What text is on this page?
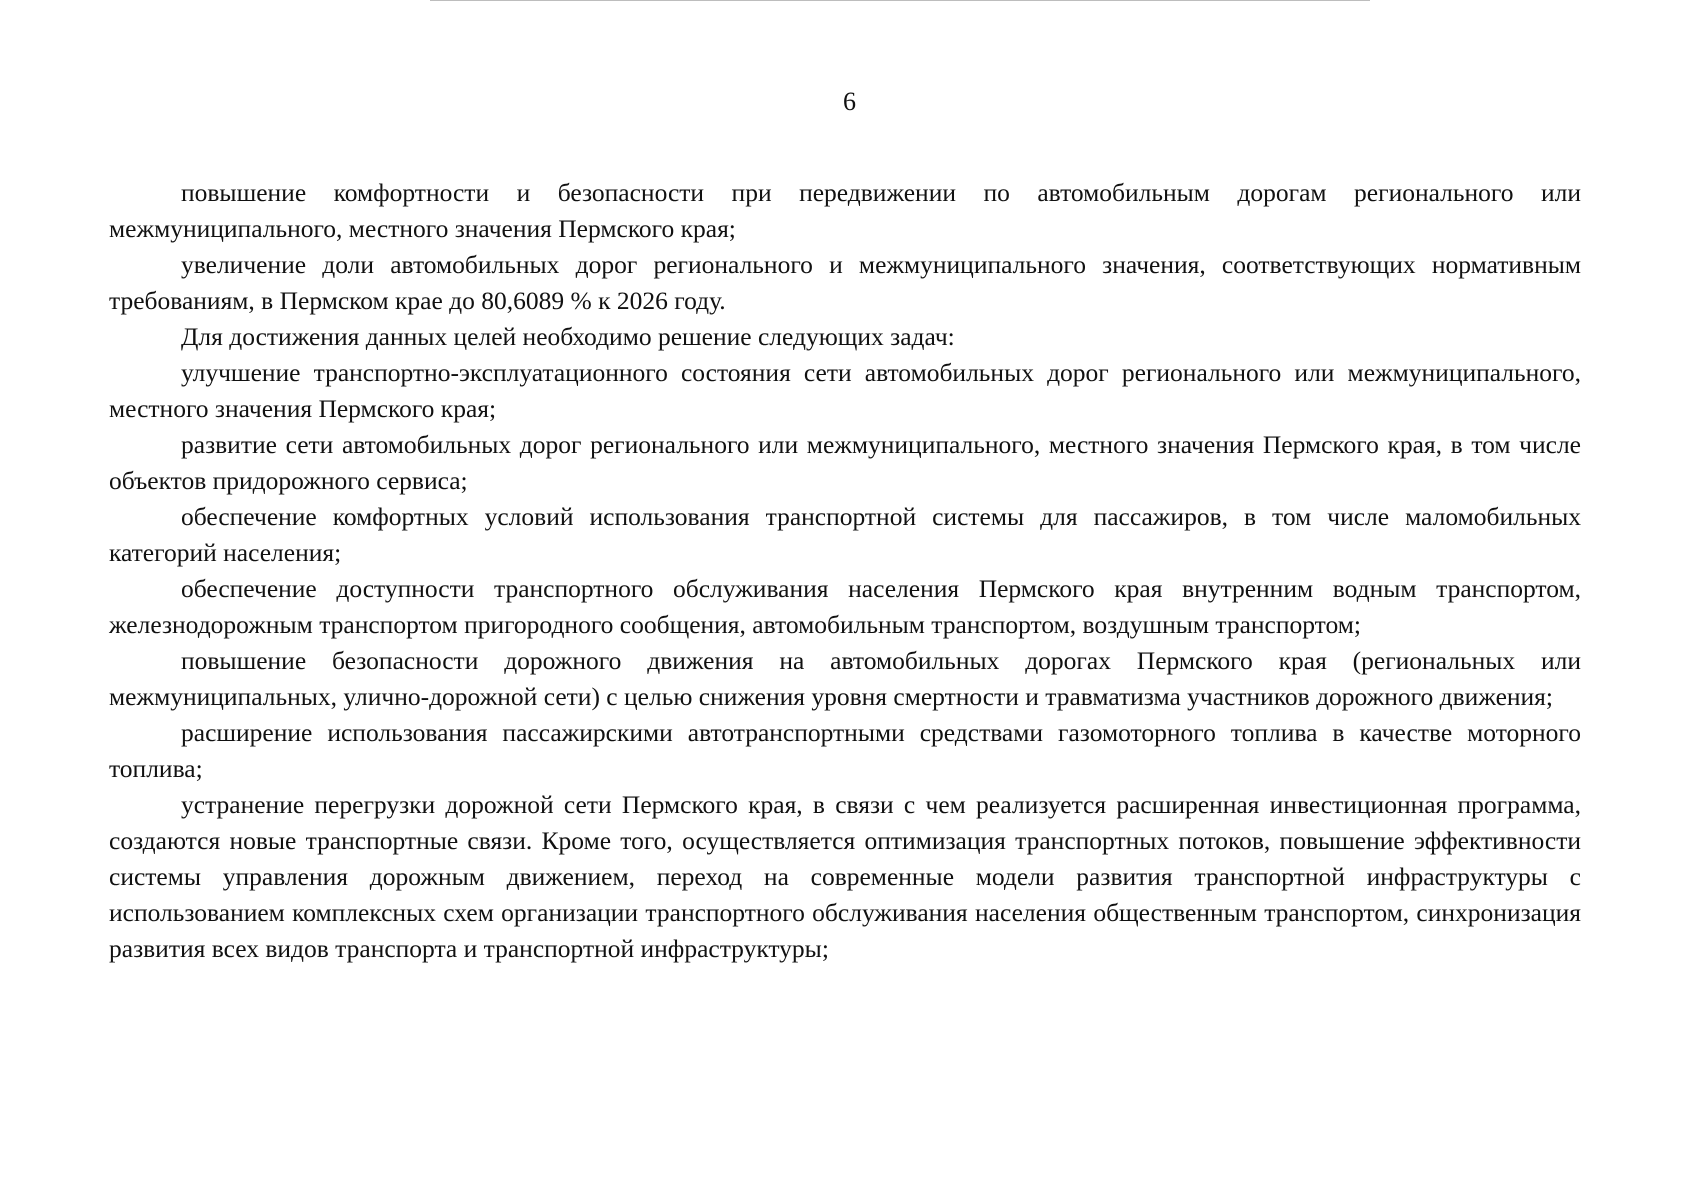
6

повышение комфортности и безопасности при передвижении по автомобильным дорогам регионального или межмуниципального, местного значения Пермского края;

увеличение доли автомобильных дорог регионального и межмуниципального значения, соответствующих нормативным требованиям, в Пермском крае до 80,6089 % к 2026 году.

Для достижения данных целей необходимо решение следующих задач:

улучшение транспортно-эксплуатационного состояния сети автомобильных дорог регионального или межмуниципального, местного значения Пермского края;

развитие сети автомобильных дорог регионального или межмуниципального, местного значения Пермского края, в том числе объектов придорожного сервиса;

обеспечение комфортных условий использования транспортной системы для пассажиров, в том числе маломобильных категорий населения;

обеспечение доступности транспортного обслуживания населения Пермского края внутренним водным транспортом, железнодорожным транспортом пригородного сообщения, автомобильным транспортом, воздушным транспортом;

повышение безопасности дорожного движения на автомобильных дорогах Пермского края (региональных или межмуниципальных, улично-дорожной сети) с целью снижения уровня смертности и травматизма участников дорожного движения;

расширение использования пассажирскими автотранспортными средствами газомоторного топлива в качестве моторного топлива;

устранение перегрузки дорожной сети Пермского края, в связи с чем реализуется расширенная инвестиционная программа, создаются новые транспортные связи. Кроме того, осуществляется оптимизация транспортных потоков, повышение эффективности системы управления дорожным движением, переход на современные модели развития транспортной инфраструктуры с использованием комплексных схем организации транспортного обслуживания населения общественным транспортом, синхронизация развития всех видов транспорта и транспортной инфраструктуры;
